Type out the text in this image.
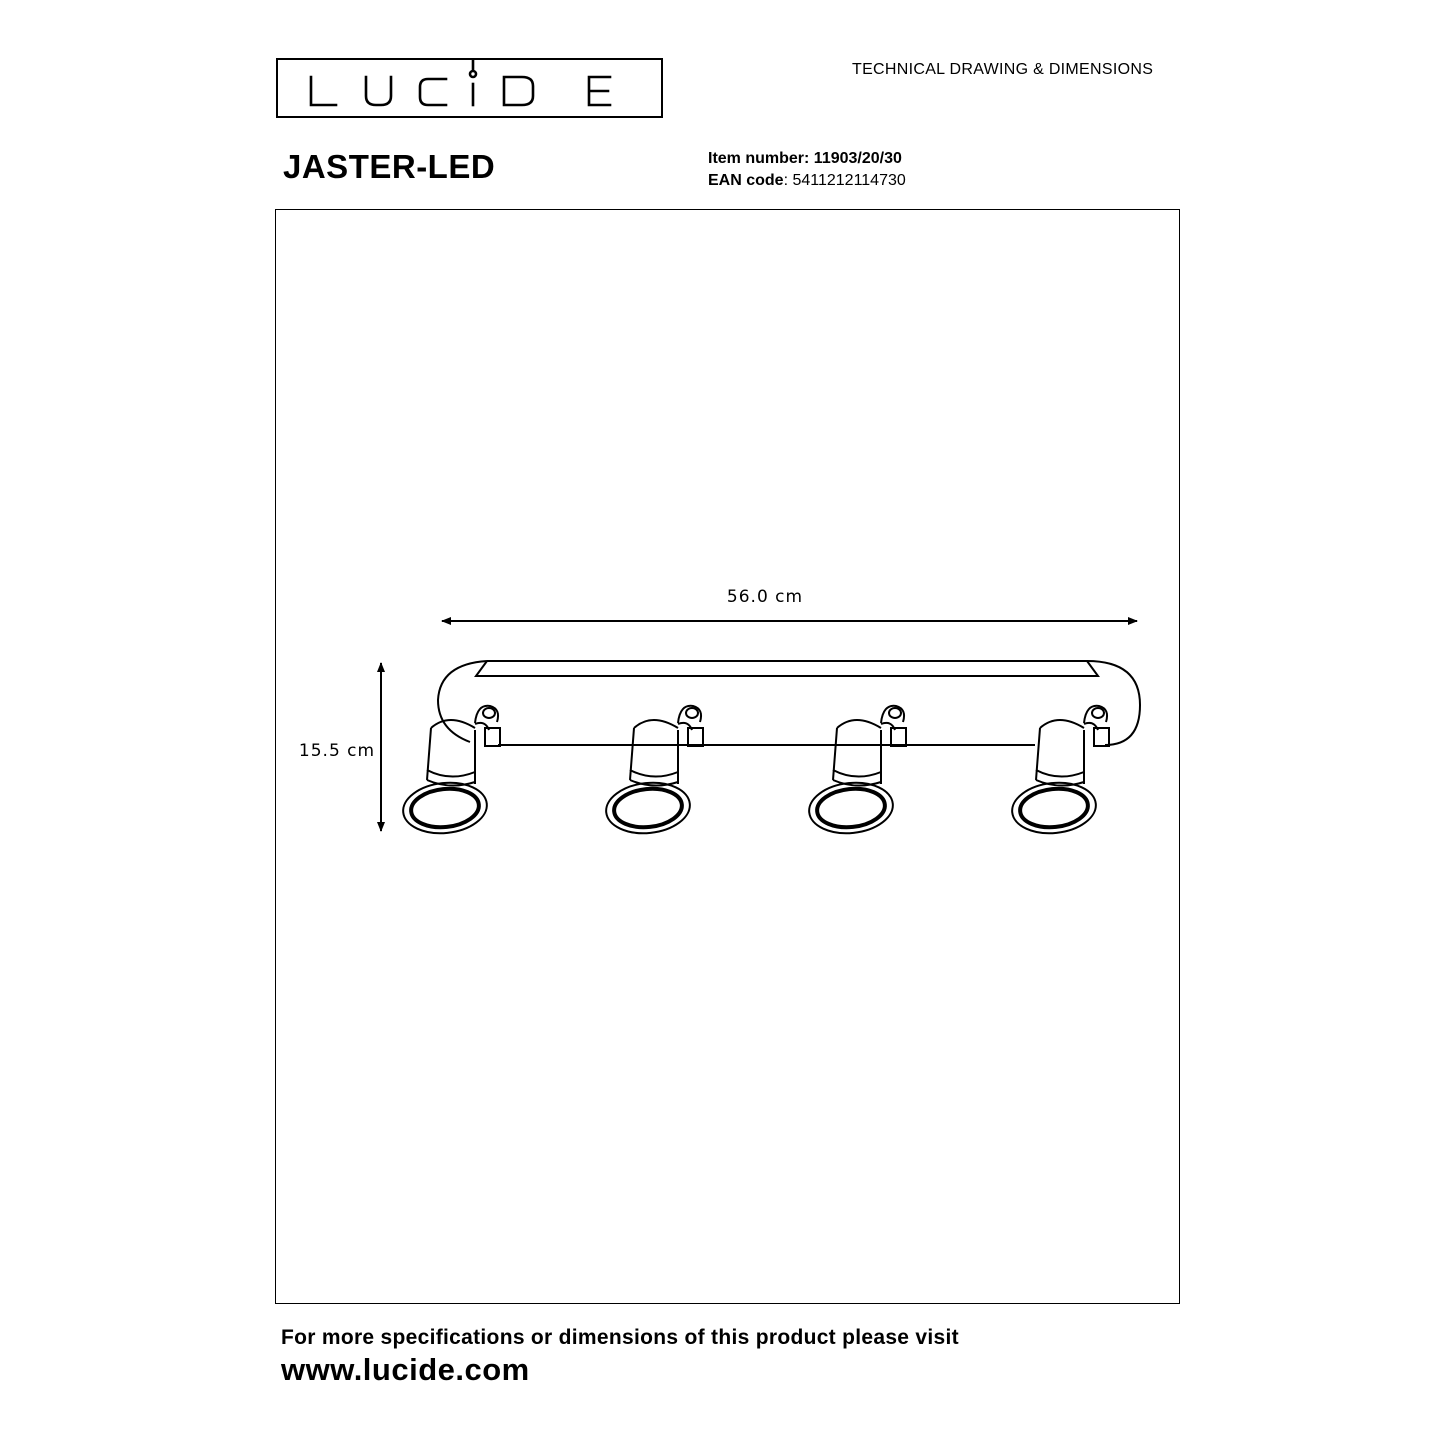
TECHNICAL DRAWING & DIMENSIONS
JASTER-LED	Item number: 11903/20/30
EAN code: 5411212114730
56.0 cm
15.5 cm
For more specifications or dimensions of this product please visit
www.lucide.com
